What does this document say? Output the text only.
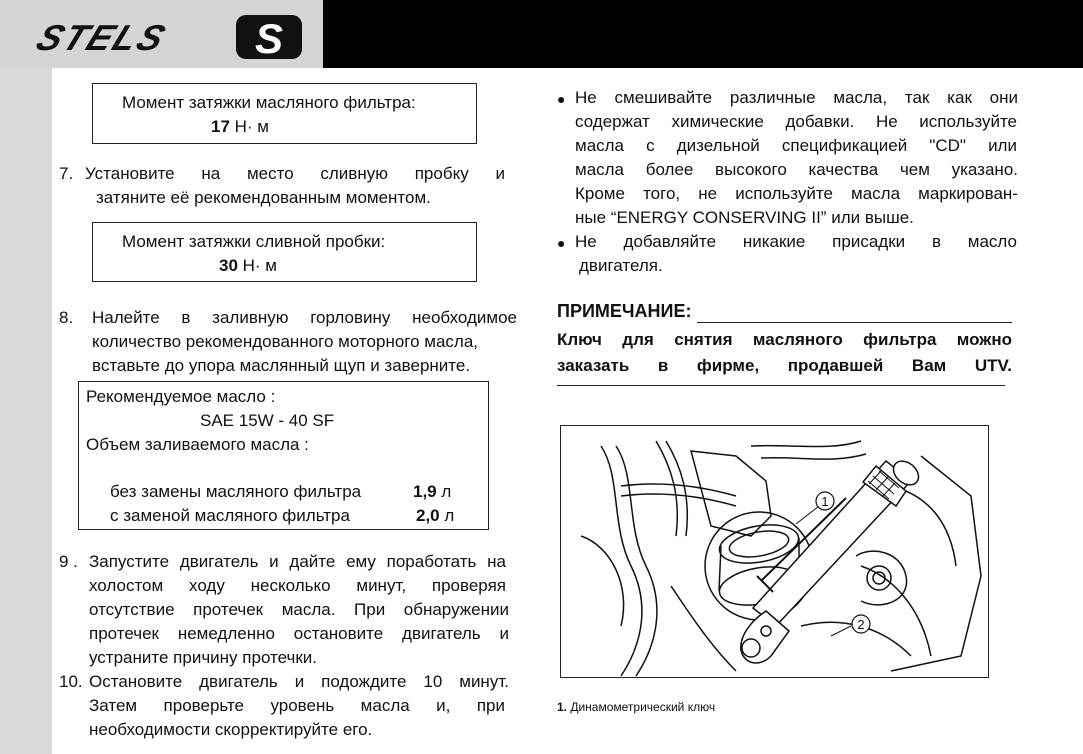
STELS S
Момент затяжки масляного фильтра:
17 Н· м
7. Установите на место сливную пробку и
затяните её рекомендованным моментом.
Момент затяжки сливной пробки:
30 Н· м
8. Налейте в заливную горловину необходимое
количество рекомендованного моторного масла,
вставьте до упора маслянный щуп и заверните.
Рекомендуемое масло :
SAE 15W - 40 SF
Объем заливаемого масла :
без замены масляного фильтра	1,9 л
с заменой масляного фильтра	2,0 л
9 . Запустите двигатель и дайте ему поработать на
холостом ходу несколько минут, проверяя
отсутствие протечек масла. При обнаружении
протечек немедленно остановите двигатель и
устраните причину протечки.
10. Остановите двигатель и подождите 10 минут.
Затем проверьте уровень масла и, при
необходимости скорректируйте его.
● Не смешивайте различные масла, так как они
содержат химические добавки. Не используйте
масла с дизельной спецификацией "CD" или
масла более высокого качества чем указано.
Кроме того, не используйте масла маркирован-
ные “ENERGY CONSERVING II” или выше.
● Не добавляйте никакие присадки в масло
двигателя.
ПРИМЕЧАНИЕ:
Ключ для снятия масляного фильтра можно
заказать в фирме, продавшей Вам UTV.
1
2
1. Динамометрический ключ
